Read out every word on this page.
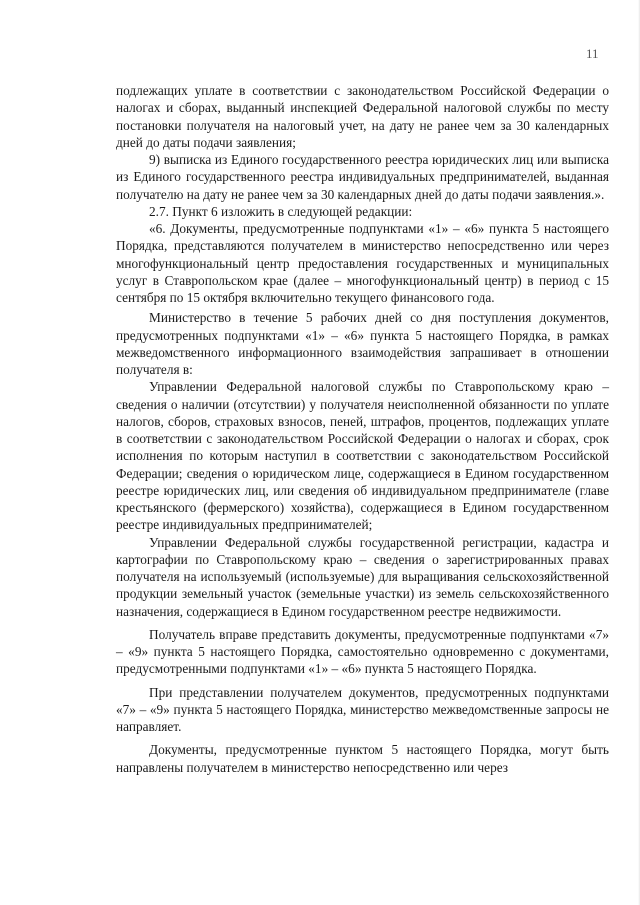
11

подлежащих уплате в соответствии с законодательством Российской Федерации о налогах и сборах, выданный инспекцией Федеральной налоговой службы по месту постановки получателя на налоговый учет, на дату не ранее чем за 30 календарных дней до даты подачи заявления;

9) выписка из Единого государственного реестра юридических лиц или выписка из Единого государственного реестра индивидуальных предпринимателей, выданная получателю на дату не ранее чем за 30 календарных дней до даты подачи заявления.».

2.7. Пункт 6 изложить в следующей редакции:

«6. Документы, предусмотренные подпунктами «1» – «6» пункта 5 настоящего Порядка, представляются получателем в министерство непосредственно или через многофункциональный центр предоставления государственных и муниципальных услуг в Ставропольском крае (далее – многофункциональный центр) в период с 15 сентября по 15 октября включительно текущего финансового года.

Министерство в течение 5 рабочих дней со дня поступления документов, предусмотренных подпунктами «1» – «6» пункта 5 настоящего Порядка, в рамках межведомственного информационного взаимодействия запрашивает в отношении получателя в:

Управлении Федеральной налоговой службы по Ставропольскому краю – сведения о наличии (отсутствии) у получателя неисполненной обязанности по уплате налогов, сборов, страховых взносов, пеней, штрафов, процентов, подлежащих уплате в соответствии с законодательством Российской Федерации о налогах и сборах, срок исполнения по которым наступил в соответствии с законодательством Российской Федерации; сведения о юридическом лице, содержащиеся в Едином государственном реестре юридических лиц, или сведения об индивидуальном предпринимателе (главе крестьянского (фермерского) хозяйства), содержащиеся в Едином государственном реестре индивидуальных предпринимателей;

Управлении Федеральной службы государственной регистрации, кадастра и картографии по Ставропольскому краю – сведения о зарегистрированных правах получателя на используемый (используемые) для выращивания сельскохозяйственной продукции земельный участок (земельные участки) из земель сельскохозяйственного назначения, содержащиеся в Едином государственном реестре недвижимости.

Получатель вправе представить документы, предусмотренные подпунктами «7» – «9» пункта 5 настоящего Порядка, самостоятельно одновременно с документами, предусмотренными подпунктами «1» – «6» пункта 5 настоящего Порядка.

При представлении получателем документов, предусмотренных подпунктами «7» – «9» пункта 5 настоящего Порядка, министерство межведомственные запросы не направляет.

Документы, предусмотренные пунктом 5 настоящего Порядка, могут быть направлены получателем в министерство непосредственно или через
